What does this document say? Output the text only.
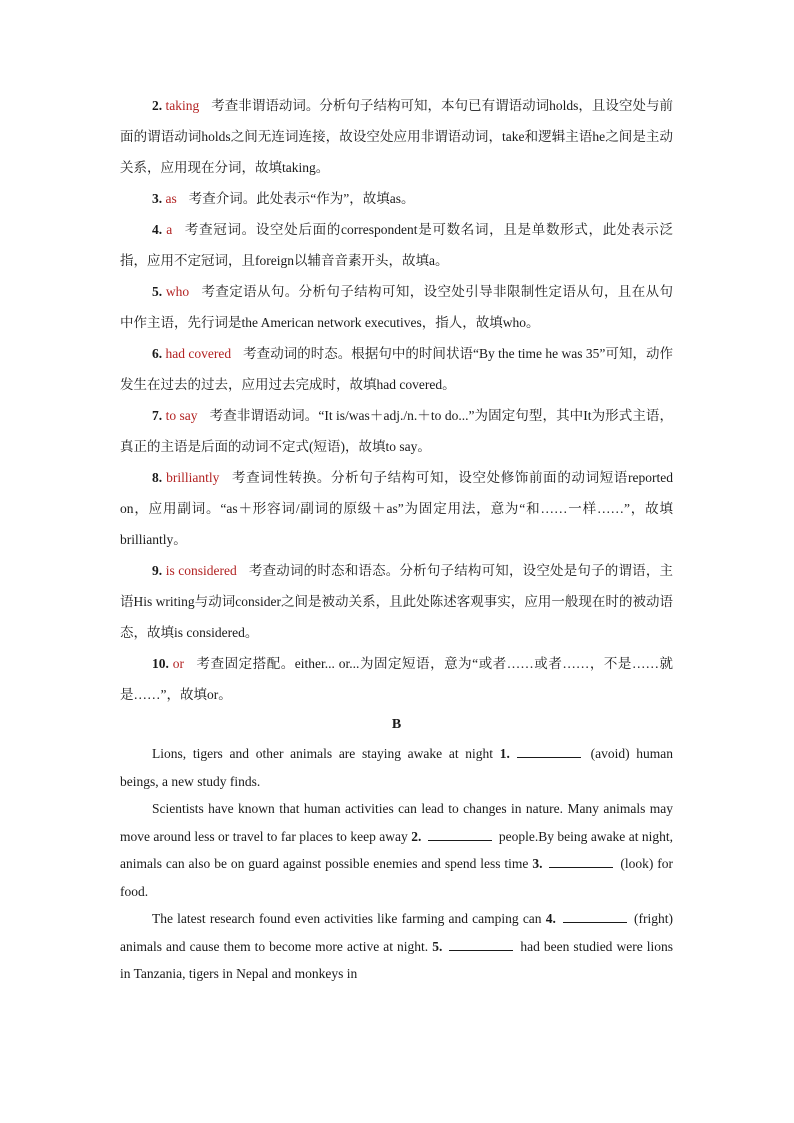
2. taking 考查非谓语动词。分析句子结构可知，本句已有谓语动词holds，且设空处与前面的谓语动词holds之间无连词连接，故设空处应用非谓语动词，take和逻辑主语he之间是主动关系，应用现在分词，故填taking。

3. as 考查介词。此处表示“作为”，故填as。

4. a 考查冠词。设空处后面的correspondent是可数名词，且是单数形式，此处表示泛指，应用不定冠词，且foreign以辅音音素开头，故填a。

5. who 考查定语从句。分析句子结构可知，设空处引导非限制性定语从句，且在从句中作主语，先行词是the American network executives，指人，故填who。

6. had covered 考查动词的时态。根据句中的时间状语“By the time he was 35”可知，动作发生在过去的过去，应用过去完成时，故填had covered。

7. to say 考查非谓语动词。“It is/was＋adj./n.＋to do...”为固定句型，其中It为形式主语，真正的主语是后面的动词不定式(短语)，故填to say。

8. brilliantly 考查词性转换。分析句子结构可知，设空处修饰前面的动词短语reported on，应用副词。“as＋形容词/副词的原级＋as”为固定用法，意为“和……一样……”，故填brilliantly。

9. is considered 考查动词的时态和语态。分析句子结构可知，设空处是句子的谓语，主语His writing与动词consider之间是被动关系，且此处陈述客观事实，应用一般现在时的被动语态，故填is considered。

10. or 考查固定搭配。either... or...为固定短语，意为“或者……或者……，不是……就是……”，故填or。

B

Lions, tigers and other animals are staying awake at night 1.	(avoid) human beings, a new study finds.

Scientists have known that human activities can lead to changes in nature. Many animals may move around less or travel to far places to keep away 2.	people.By being awake at night, animals can also be on guard against possible enemies and spend less time 3.	(look) for food.

The latest research found even activities like farming and camping can 4.	(fright) animals and cause them to become more active at night. 5.	had been studied were lions in Tanzania, tigers in Nepal and monkeys in
